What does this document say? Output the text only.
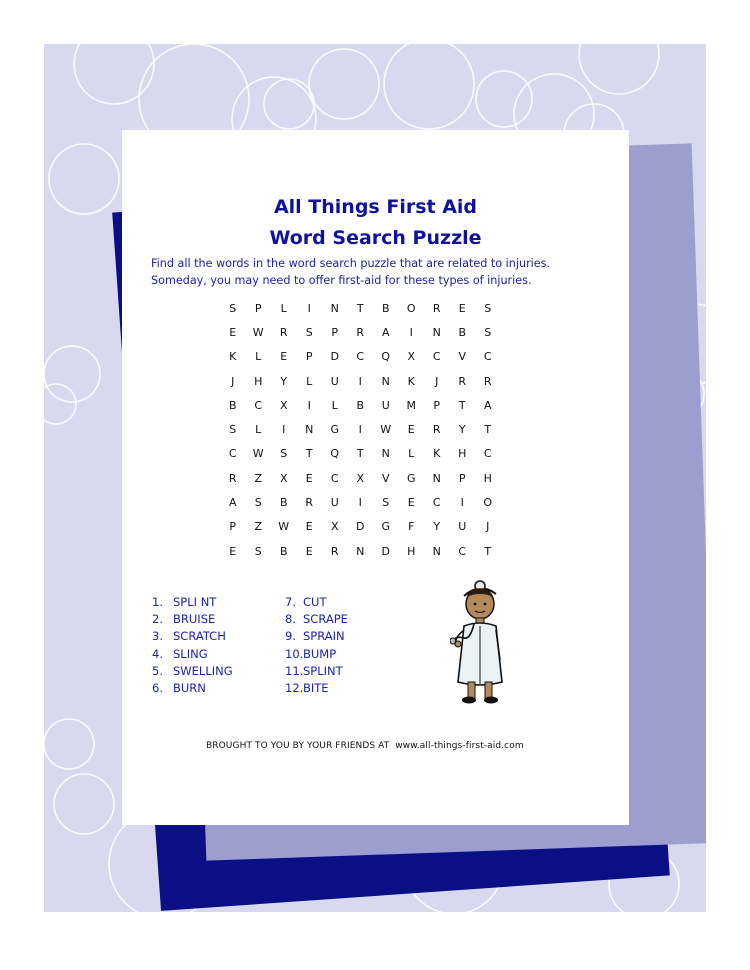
All Things First Aid
Word Search Puzzle
Find all the words in the word search puzzle that are related to injuries.
Someday, you may need to offer first-aid for these types of injuries.
S	P	L	I	N	T	B	O	R	E	S
E	W	R	S	P	R	A	I	N	B	S
K	L	E	P	D	C	Q	X	C	V	C
J	H	Y	L	U	I	N	K	J	R	R
B	C	X	I	L	B	U	M	P	T	A
S	L	I	N	G	I	W	E	R	Y	T
C	W	S	T	Q	T	N	L	K	H	C
R	Z	X	E	C	X	V	G	N	P	H
A	S	B	R	U	I	S	E	C	I	O
P	Z	W	E	X	D	G	F	Y	U	J
E	S	B	E	R	N	D	H	N	C	T
1. SPLI NT
2. BRUISE
3. SCRATCH
4. SLING
5. SWELLING
6. BURN
7. CUT
8. SCRAPE
9. SPRAIN
10.BUMP
11.SPLINT
12.BITE
BROUGHT TO YOU BY YOUR FRIENDS AT www.all-things-first-aid.com
